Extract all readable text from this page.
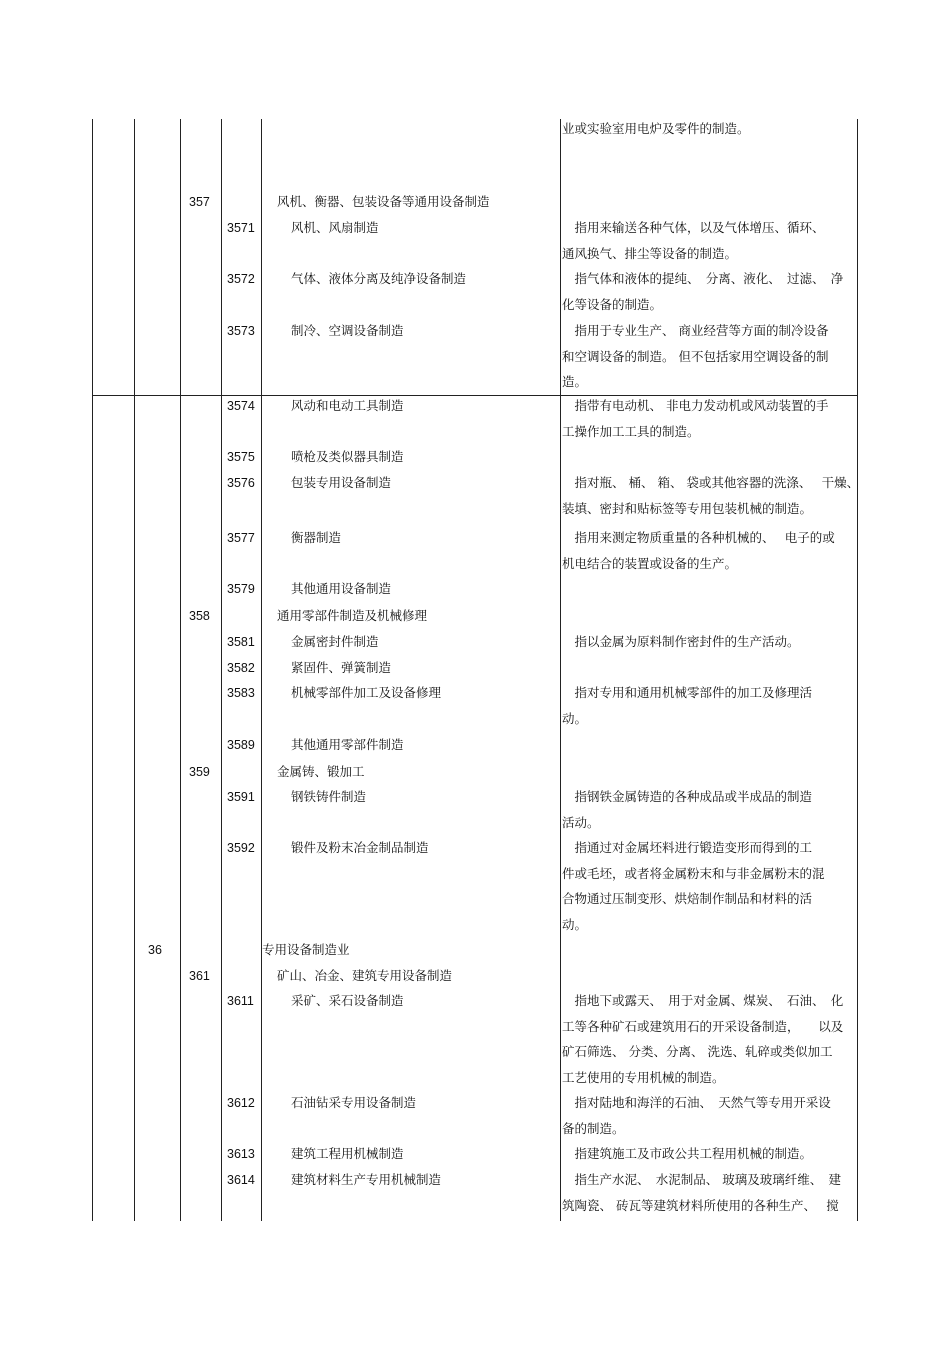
业或实验室用电炉及零件的制造。
357	风机、衡器、包装设备等通用设备制造
3571	风机、风扇制造	　指用来输送各种气体，以及气体增压、循环、
通风换气、排尘等设备的制造。
3572	气体、液体分离及纯净设备制造	　指气体和液体的提纯、　分离、液化、　过滤、　净
化等设备的制造。
3573	制冷、空调设备制造	　指用于专业生产、 商业经营等方面的制冷设备
和空调设备的制造。 但不包括家用空调设备的制
造。
3574	风动和电动工具制造	　指带有电动机、 非电力发动机或风动装置的手
工操作加工工具的制造。
3575	喷枪及类似器具制造
3576	包装专用设备制造	　指对瓶、 桶、 箱、 袋或其他容器的洗涤、　 干燥、
装填、密封和贴标签等专用包装机械的制造。
3577	衡器制造	　指用来测定物质重量的各种机械的、　 电子的或
机电结合的装置或设备的生产。
3579	其他通用设备制造
358	通用零部件制造及机械修理
3581	金属密封件制造	　指以金属为原料制作密封件的生产活动。
3582	紧固件、弹簧制造
3583	机械零部件加工及设备修理	　指对专用和通用机械零部件的加工及修理活
动。
3589	其他通用零部件制造
359	金属铸、锻加工
3591	钢铁铸件制造	　指钢铁金属铸造的各种成品或半成品的制造
活动。
3592	锻件及粉末冶金制品制造	　指通过对金属坯料进行锻造变形而得到的工
件或毛坯，或者将金属粉末和与非金属粉末的混
合物通过压制变形、烘焙制作制品和材料的活
动。
36	专用设备制造业
361	矿山、冶金、建筑专用设备制造
3611	采矿、采石设备制造	　指地下或露天、　用于对金属、煤炭、　石油、　化
工等各种矿石或建筑用石的开采设备制造，　　以及
矿石筛选、 分类、分离、 洗选、轧碎或类似加工
工艺使用的专用机械的制造。
3612	石油钻采专用设备制造	　指对陆地和海洋的石油、　天然气等专用开采设
备的制造。
3613	建筑工程用机械制造	　指建筑施工及市政公共工程用机械的制造。
3614	建筑材料生产专用机械制造	　指生产水泥、　水泥制品、 玻璃及玻璃纤维、　建
筑陶瓷、 砖瓦等建筑材料所使用的各种生产、　 搅
